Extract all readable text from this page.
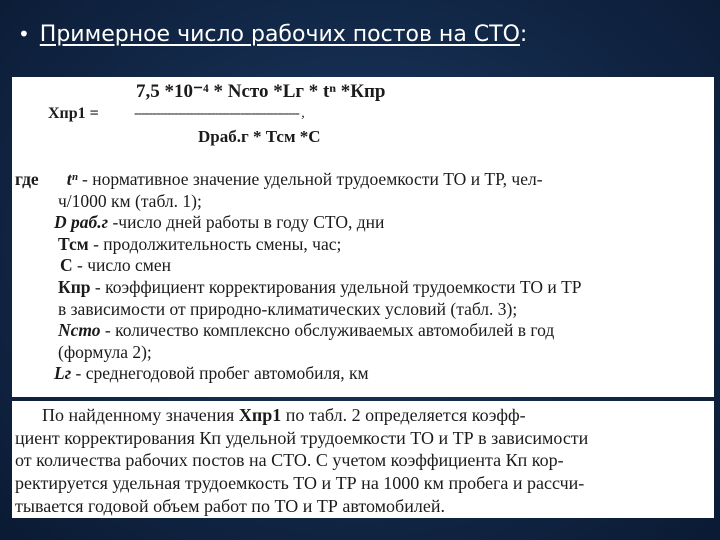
• Примерное число рабочих постов на СТО:
7,5 *10⁻⁴ * Nсто *Lг * tⁿ *Кпр
Хпр1 =	--------------------------------------------- ,
Dраб.г * Тсм *С
где tⁿ - нормативное значение удельной трудоемкости ТО и ТР, чел-
ч/1000 км (табл. 1);
D раб.г -число дней работы в году СТО, дни
Тсм - продолжительность смены, час;
С - число смен
Кпр - коэффициент корректирования удельной трудоемкости ТО и ТР
в зависимости от природно-климатических условий (табл. 3);
Nсто - количество комплексно обслуживаемых автомобилей в год
(формула 2);
Lг - среднегодовой пробег автомобиля, км
По найденному значения Хпр1 по табл. 2 определяется коэфф-
циент корректирования Кп удельной трудоемкости ТО и ТР в зависимости
от количества рабочих постов на СТО. С учетом коэффициента Кп кор-
ректируется удельная трудоемкость ТО и ТР на 1000 км пробега и рассчи-
тывается годовой объем работ по ТО и ТР автомобилей.
